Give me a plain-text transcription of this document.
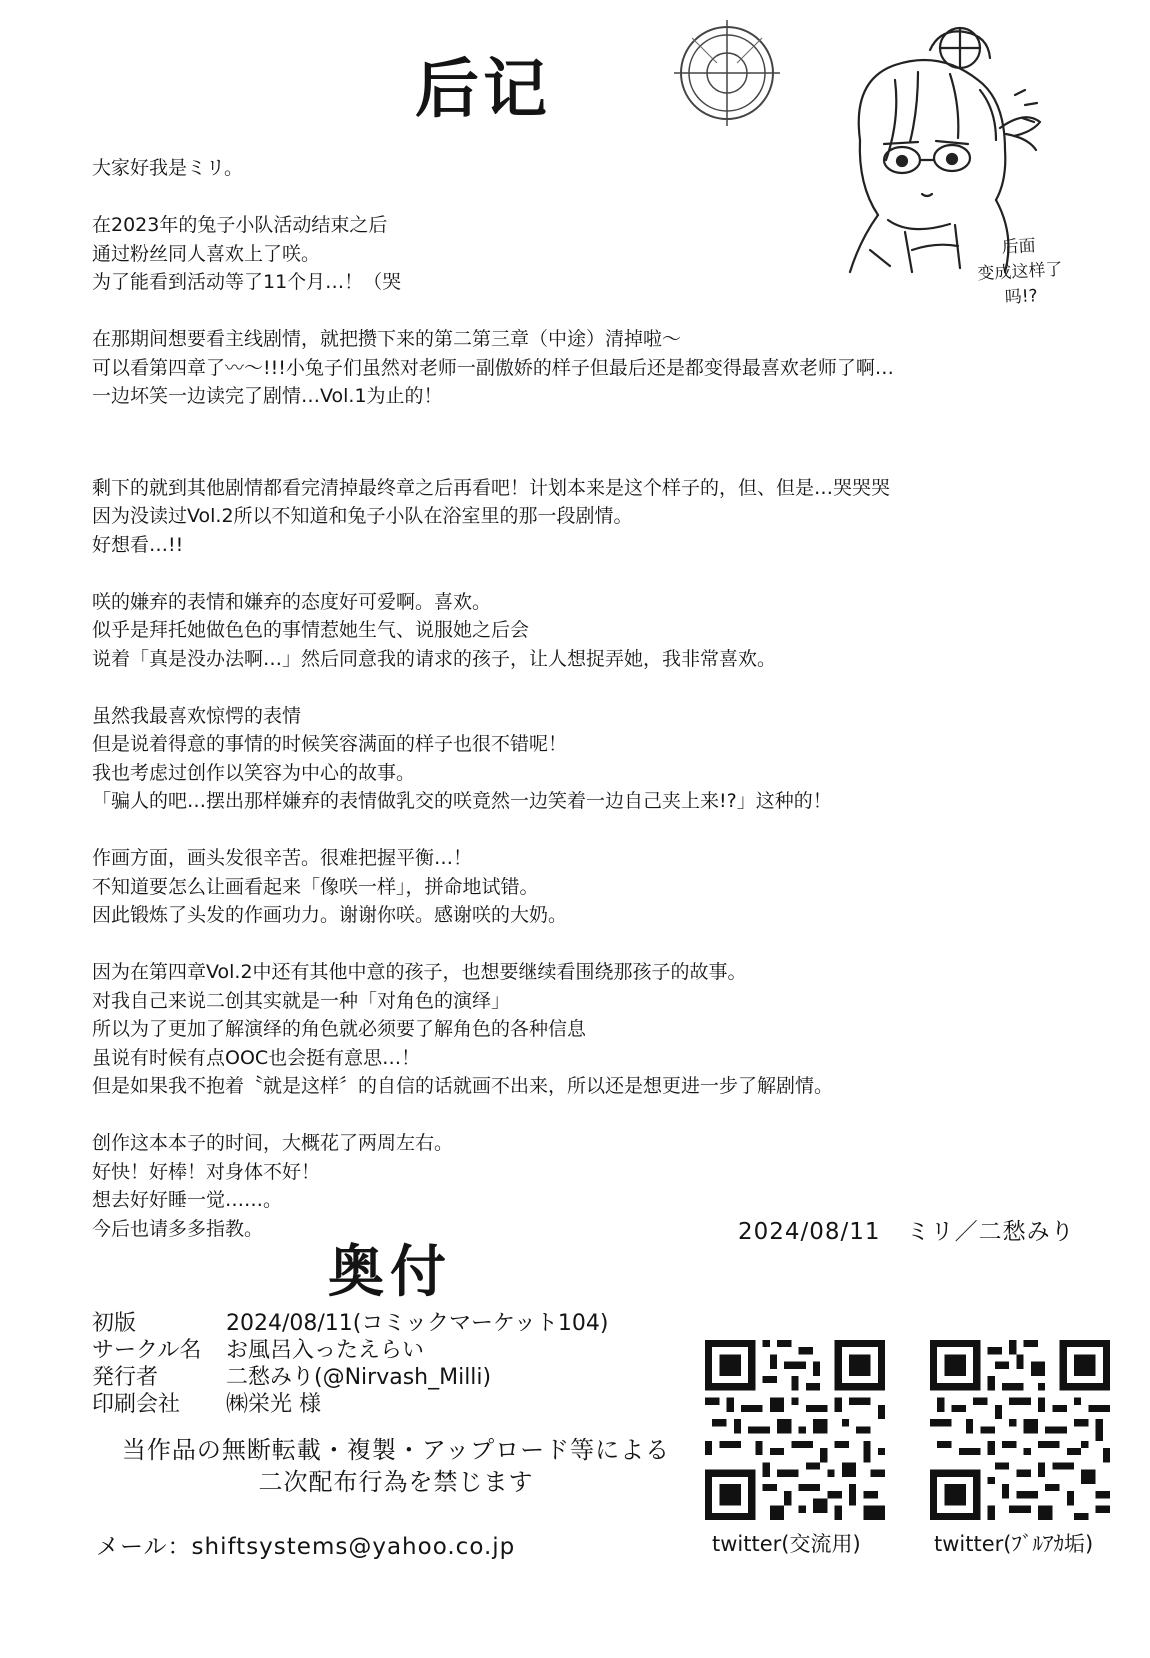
后记
后面
变成这样了
吗!?
大家好我是ミリ。
在2023年的兔子小队活动结束之后
通过粉丝同人喜欢上了咲。
为了能看到活动等了11个月…！（哭
在那期间想要看主线剧情，就把攒下来的第二第三章（中途）清掉啦〜
可以看第四章了〰〜!!!小兔子们虽然对老师一副傲娇的样子但最后还是都变得最喜欢老师了啊…
一边坏笑一边读完了剧情…Vol.1为止的！
剩下的就到其他剧情都看完清掉最终章之后再看吧！计划本来是这个样子的，但、但是…哭哭哭
因为没读过Vol.2所以不知道和兔子小队在浴室里的那一段剧情。
好想看…!!
咲的嫌弃的表情和嫌弃的态度好可爱啊。喜欢。
似乎是拜托她做色色的事情惹她生气、说服她之后会
说着「真是没办法啊…」然后同意我的请求的孩子，让人想捉弄她，我非常喜欢。
虽然我最喜欢惊愕的表情
但是说着得意的事情的时候笑容满面的样子也很不错呢！
我也考虑过创作以笑容为中心的故事。
「骗人的吧…摆出那样嫌弃的表情做乳交的咲竟然一边笑着一边自己夹上来!?」这种的！
作画方面，画头发很辛苦。很难把握平衡…！
不知道要怎么让画看起来「像咲一样」，拼命地试错。
因此锻炼了头发的作画功力。谢谢你咲。感谢咲的大奶。
因为在第四章Vol.2中还有其他中意的孩子，也想要继续看围绕那孩子的故事。
对我自己来说二创其实就是一种「对角色的演绎」
所以为了更加了解演绎的角色就必须要了解角色的各种信息
虽说有时候有点OOC也会挺有意思…！
但是如果我不抱着〝就是这样〞的自信的话就画不出来，所以还是想更进一步了解剧情。
创作这本本子的时间，大概花了两周左右。
好快！好棒！对身体不好！
想去好好睡一觉……。
今后也请多多指教。	2024/08/11 ミリ／二愁みり
奥付
初版	2024/08/11(コミックマーケット104)
サークル名	お風呂入ったえらい
発行者	二愁みり(@Nirvash_Milli)
印刷会社	㈱栄光 様
当作品の無断転載・複製・アップロード等による
二次配布行為を禁じます
メール：shiftsystems@yahoo.co.jp	twitter(交流用)	twitter(ﾌﾞﾙｱｶ垢)
